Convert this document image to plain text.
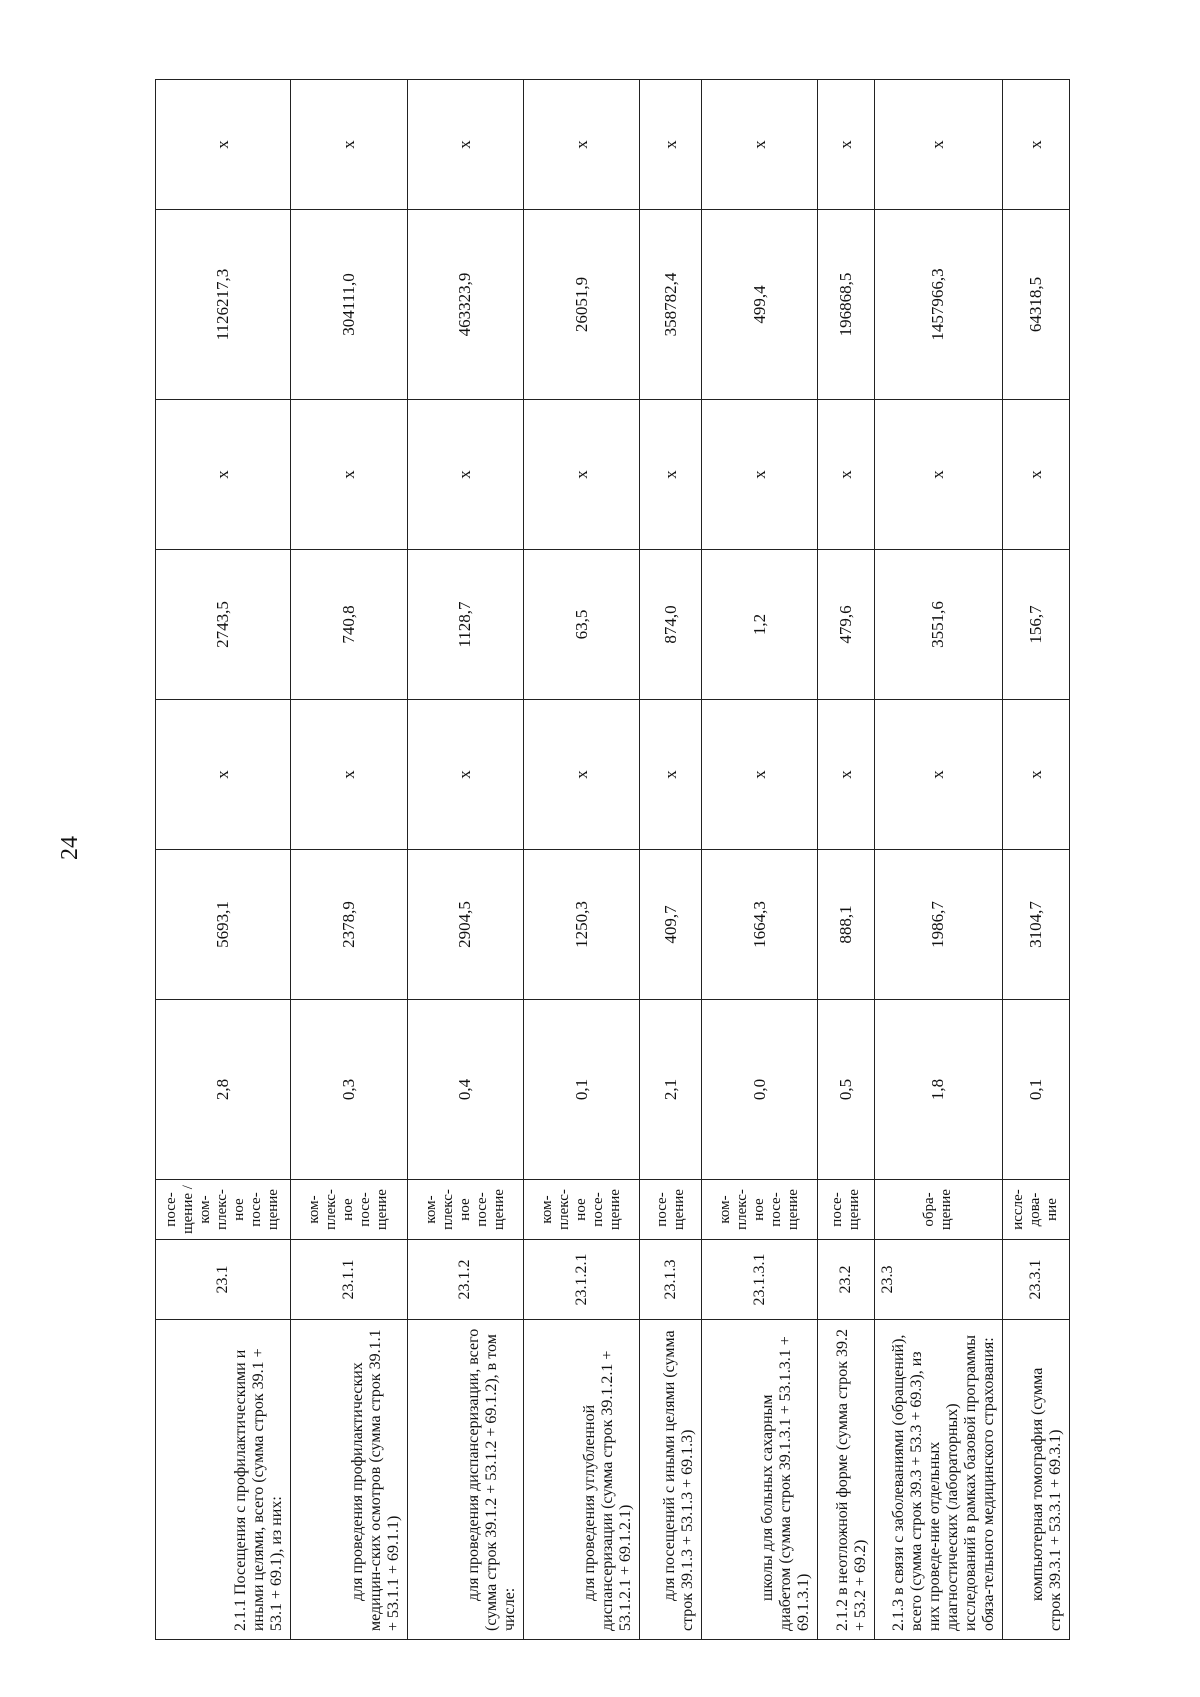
24
2.1.1 Посещения с профилактическими и иными целями, всего (сумма строк 39.1 + 53.1 + 69.1), из них:	23.1	посе-щение / ком-плекс-ное посе-щение	2,8	5693,1	х	2743,5	х	1126217,3	х
для проведения профилактических медицин-ских осмотров (сумма строк 39.1.1 + 53.1.1 + 69.1.1)	23.1.1	ком-плекс-ное посе-щение	0,3	2378,9	х	740,8	х	304111,0	х
для проведения диспансеризации, всего (сумма строк 39.1.2 + 53.1.2 + 69.1.2), в том числе:	23.1.2	ком-плекс-ное посе-щение	0,4	2904,5	х	1128,7	х	463323,9	х
для проведения углубленной диспансеризации (сумма строк 39.1.2.1 + 53.1.2.1 + 69.1.2.1)	23.1.2.1	ком-плекс-ное посе-щение	0,1	1250,3	х	63,5	х	26051,9	х
для посещений с иными целями (сумма строк 39.1.3 + 53.1.3 + 69.1.3)	23.1.3	посе-щение	2,1	409,7	х	874,0	х	358782,4	х
школы для больных сахарным диабетом (сумма строк 39.1.3.1 + 53.1.3.1 + 69.1.3.1)	23.1.3.1	ком-плекс-ное посе-щение	0,0	1664,3	х	1,2	х	499,4	х
2.1.2 в неотложной форме (сумма строк 39.2 + 53.2 + 69.2)	23.2	посе-щение	0,5	888,1	х	479,6	х	196868,5	х
2.1.3 в связи с заболеваниями (обращений), всего (сумма строк 39.3 + 53.3 + 69.3), из них проведе-ние отдельных диагностических (лабораторных) исследований в рамках базовой программы обяза-тельного медицинского страхования:	23.3	обра-щение	1,8	1986,7	х	3551,6	х	1457966,3	х
компьютерная томография (сумма строк 39.3.1 + 53.3.1 + 69.3.1)	23.3.1	иссле-дова-ние	0,1	3104,7	х	156,7	х	64318,5	х
